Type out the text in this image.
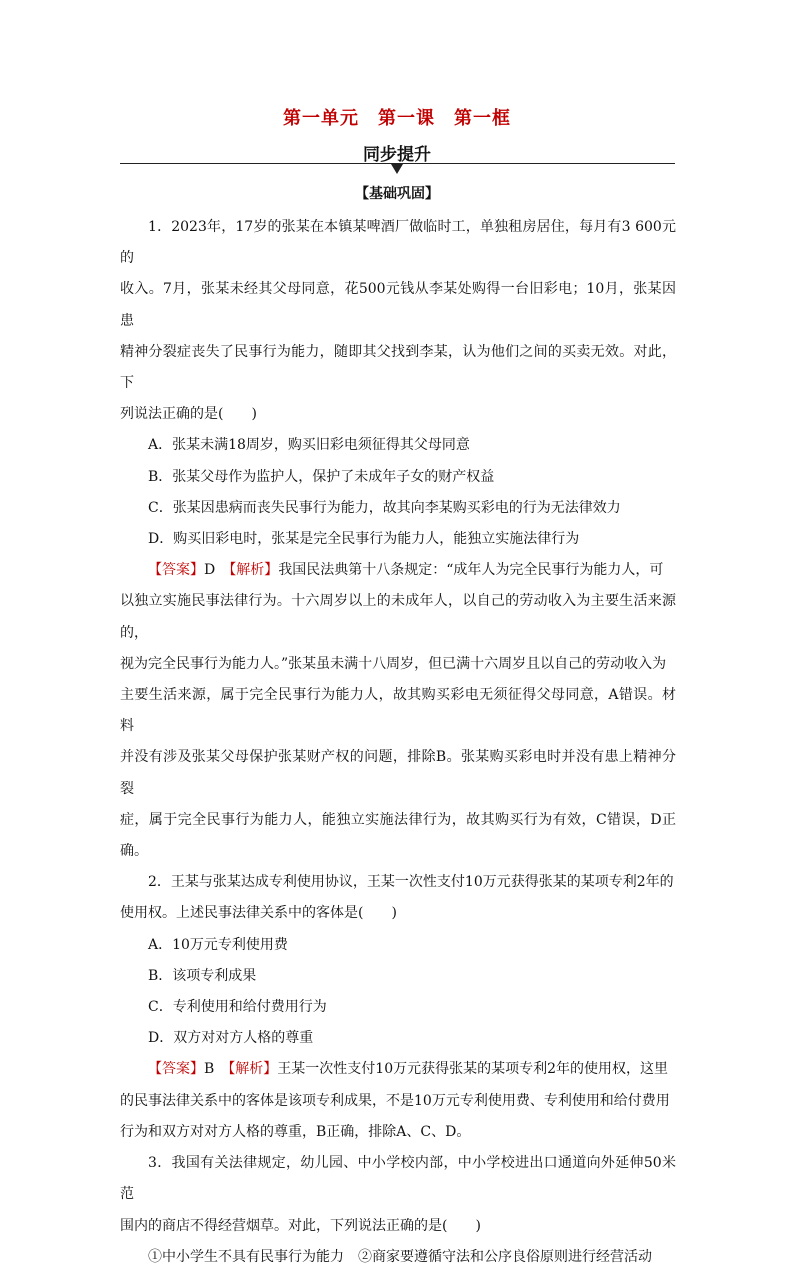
第一单元　第一课　第一框
同步提升
【基础巩固】

1．2023年，17岁的张某在本镇某啤酒厂做临时工，单独租房居住，每月有3 600元的

收入。7月，张某未经其父母同意，花500元钱从李某处购得一台旧彩电；10月，张某因患

精神分裂症丧失了民事行为能力，随即其父找到李某，认为他们之间的买卖无效。对此，下

列说法正确的是(　　)

A．张某未满18周岁，购买旧彩电须征得其父母同意

B．张某父母作为监护人，保护了未成年子女的财产权益

C．张某因患病而丧失民事行为能力，故其向李某购买彩电的行为无法律效力

D．购买旧彩电时，张某是完全民事行为能力人，能独立实施法律行为

【答案】D　【解析】我国民法典第十八条规定：“成年人为完全民事行为能力人，可

以独立实施民事法律行为。十六周岁以上的未成年人，以自己的劳动收入为主要生活来源的，

视为完全民事行为能力人。”张某虽未满十八周岁，但已满十六周岁且以自己的劳动收入为

主要生活来源，属于完全民事行为能力人，故其购买彩电无须征得父母同意，A错误。材料

并没有涉及张某父母保护张某财产权的问题，排除B。张某购买彩电时并没有患上精神分裂

症，属于完全民事行为能力人，能独立实施法律行为，故其购买行为有效，C错误，D正确。

2．王某与张某达成专利使用协议，王某一次性支付10万元获得张某的某项专利2年的

使用权。上述民事法律关系中的客体是(　　)

A．10万元专利使用费

B．该项专利成果

C．专利使用和给付费用行为

D．双方对对方人格的尊重

【答案】B　【解析】王某一次性支付10万元获得张某的某项专利2年的使用权，这里

的民事法律关系中的客体是该项专利成果，不是10万元专利使用费、专利使用和给付费用

行为和双方对对方人格的尊重，B正确，排除A、C、D。

3．我国有关法律规定，幼儿园、中小学校内部，中小学校进出口通道向外延伸50米范

围内的商店不得经营烟草。对此，下列说法正确的是(　　)

①中小学生不具有民事行为能力　②商家要遵循守法和公序良俗原则进行经营活动
